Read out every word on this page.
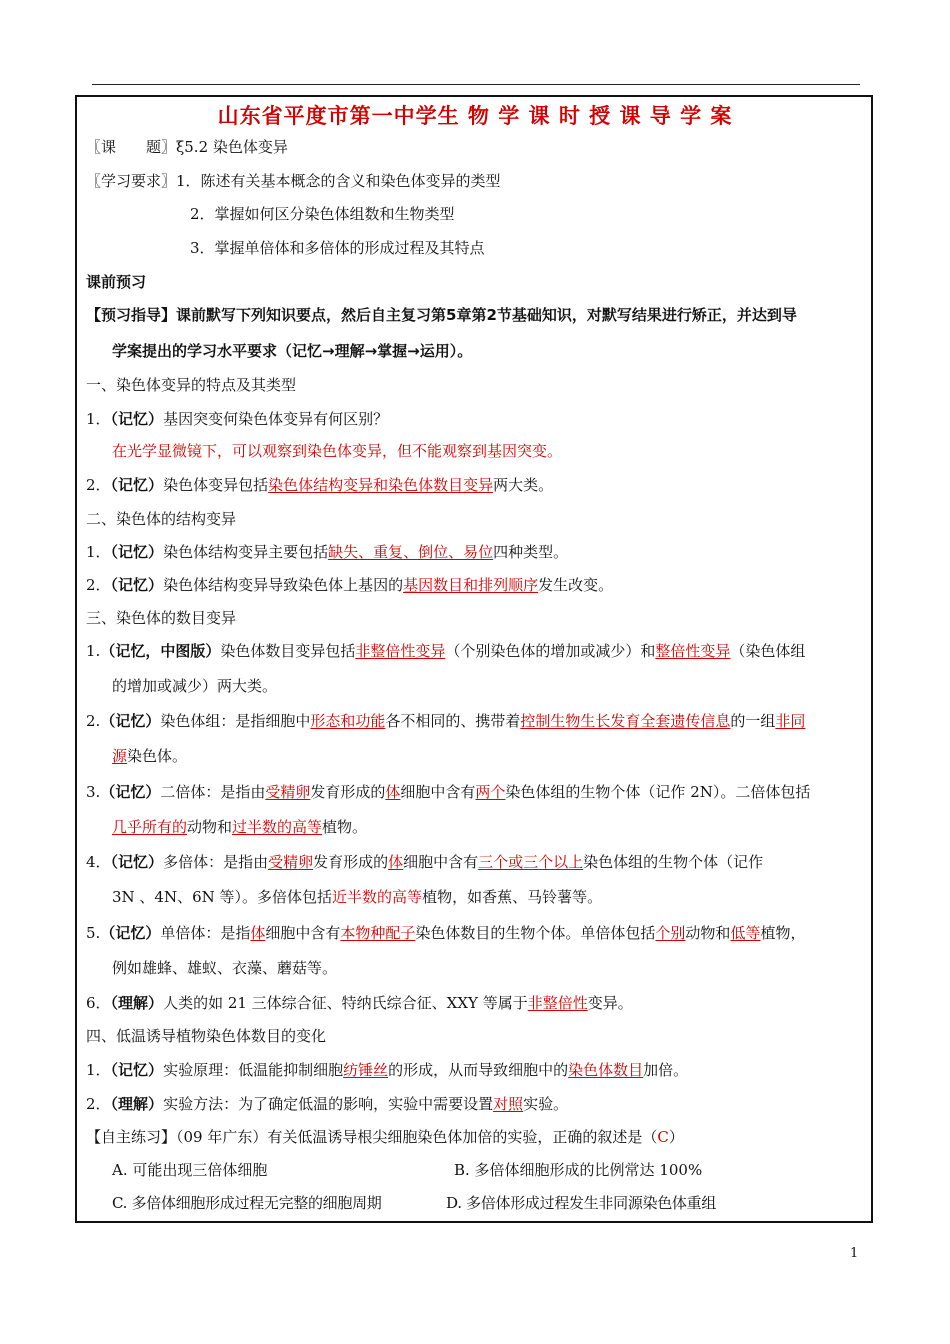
山东省平度市第一中学生 物 学 课 时 授 课 导 学 案
〖课　　题〗ξ5.2 染色体变异
〖学习要求〗1．陈述有关基本概念的含义和染色体变异的类型
2．掌握如何区分染色体组数和生物类型
3．掌握单倍体和多倍体的形成过程及其特点
课前预习
【预习指导】课前默写下列知识要点，然后自主复习第5章第2节基础知识，对默写结果进行矫正，并达到导
学案提出的学习水平要求（记忆→理解→掌握→运用）。
一、染色体变异的特点及其类型
1．（记忆）基因突变何染色体变异有何区别？
在光学显微镜下，可以观察到染色体变异，但不能观察到基因突变。
2．（记忆）染色体变异包括染色体结构变异和染色体数目变异两大类。
二、染色体的结构变异
1．（记忆）染色体结构变异主要包括缺失、重复、倒位、易位四种类型。
2．（记忆）染色体结构变异导致染色体上基因的基因数目和排列顺序发生改变。
三、染色体的数目变异
1.（记忆，中图版）染色体数目变异包括非整倍性变异（个别染色体的增加或减少）和整倍性变异（染色体组
的增加或减少）两大类。
2.（记忆）染色体组：是指细胞中形态和功能各不相同的、携带着控制生物生长发育全套遗传信息的一组非同
源染色体。
3.（记忆）二倍体：是指由受精卵发育形成的体细胞中含有两个染色体组的生物个体（记作 2N）。二倍体包括
几乎所有的动物和过半数的高等植物。
4．（记忆）多倍体：是指由受精卵发育形成的体细胞中含有三个或三个以上染色体组的生物个体（记作
3N 、4N、6N 等）。多倍体包括近半数的高等植物，如香蕉、马铃薯等。
5.（记忆）单倍体：是指体细胞中含有本物种配子染色体数目的生物个体。单倍体包括个别动物和低等植物，
例如雄蜂、雄蚁、衣藻、蘑菇等。
6．（理解）人类的如 21 三体综合征、特纳氏综合征、XXY 等属于非整倍性变异。
四、低温诱导植物染色体数目的变化
1．（记忆）实验原理：低温能抑制细胞纺锤丝的形成，从而导致细胞中的染色体数目加倍。
2．（理解）实验方法：为了确定低温的影响，实验中需要设置对照实验。
【自主练习】（09 年广东）有关低温诱导根尖细胞染色体加倍的实验，正确的叙述是（C）
A. 可能出现三倍体细胞	B. 多倍体细胞形成的比例常达 100%
C. 多倍体细胞形成过程无完整的细胞周期	D. 多倍体形成过程发生非同源染色体重组
1
